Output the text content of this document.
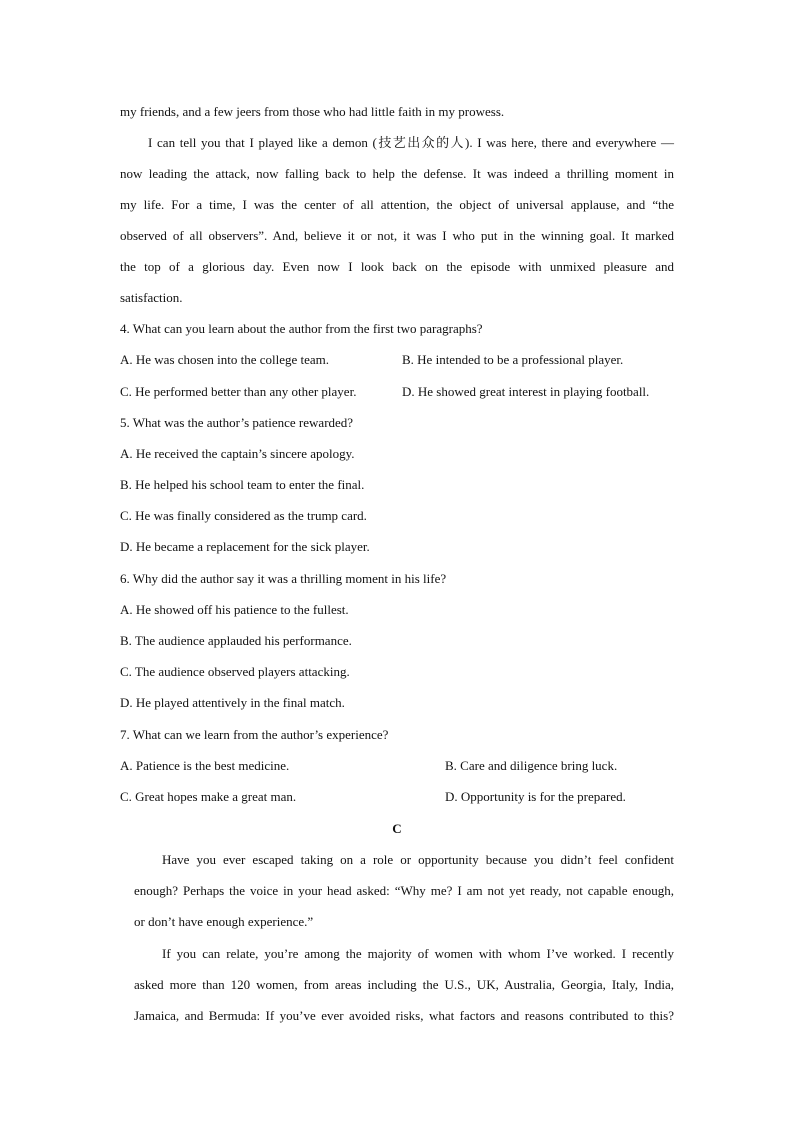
my friends, and a few jeers from those who had little faith in my prowess.
I can tell you that I played like a demon (技艺出众的人). I was here, there and everywhere —
now leading the attack, now falling back to help the defense. It was indeed a thrilling moment in
my life. For a time, I was the center of all attention, the object of universal applause, and “the
observed of all observers”. And, believe it or not, it was I who put in the winning goal. It marked
the top of a glorious day. Even now I look back on the episode with unmixed pleasure and
satisfaction.
4. What can you learn about the author from the first two paragraphs?
A. He was chosen into the college team.	B. He intended to be a professional player.
C. He performed better than any other player.	D. He showed great interest in playing football.
5. What was the author’s patience rewarded?
A. He received the captain’s sincere apology.
B. He helped his school team to enter the final.
C. He was finally considered as the trump card.
D. He became a replacement for the sick player.
6. Why did the author say it was a thrilling moment in his life?
A. He showed off his patience to the fullest.
B. The audience applauded his performance.
C. The audience observed players attacking.
D. He played attentively in the final match.
7. What can we learn from the author’s experience?
A. Patience is the best medicine.	B. Care and diligence bring luck.
C. Great hopes make a great man.	D. Opportunity is for the prepared.
C
Have you ever escaped taking on a role or opportunity because you didn’t feel confident
enough? Perhaps the voice in your head asked: “Why me? I am not yet ready, not capable enough,
or don’t have enough experience.”
If you can relate, you’re among the majority of women with whom I’ve worked. I recently
asked more than 120 women, from areas including the U.S., UK, Australia, Georgia, Italy, India,
Jamaica, and Bermuda: If you’ve ever avoided risks, what factors and reasons contributed to this?
